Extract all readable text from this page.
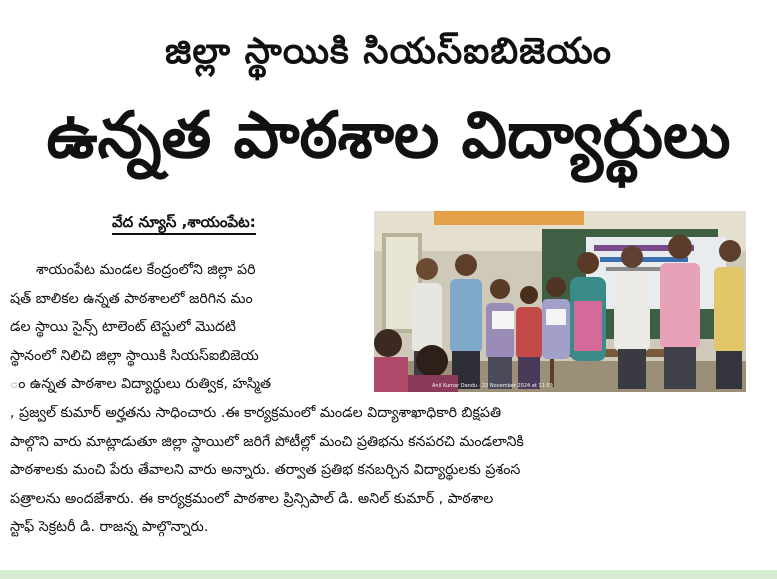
జిల్లా స్థాయికి సియస్ఐబిజెయం
ఉన్నత పాఠశాల విద్యార్థులు
వేద న్యూస్ ,శాయంపేట:
శాయంపేట మండల కేంద్రంలోని జిల్లా పరి
షత్ బాలికల ఉన్నత పాఠశాలలో జరిగిన మం
డల స్థాయి సైన్స్ టాలెంట్ టెస్టులో మొదటి
స్థానంలో నిలిచి జిల్లా స్థాయికి సియస్ఐబిజెయ
ం ఉన్నత పాఠశాల విద్యార్థులు రుత్విక, హస్మిత	Anil Kumar Dandu · 22 November 2024 at 11:59
, ప్రజ్వల్ కుమార్ అర్హతను సాధించారు .ఈ కార్యక్రమంలో మండల విద్యాశాఖాధికారి బిక్షపతి
పాల్గొని వారు మాట్లాడుతూ జిల్లా స్థాయిలో జరిగే పోటీల్లో మంచి ప్రతిభను కనపరచి మండలానికి
పాఠశాలకు మంచి పేరు తేవాలని వారు అన్నారు. తర్వాత ప్రతిభ కనబర్చిన విద్యార్థులకు ప్రశంస
పత్రాలను అందజేశారు. ఈ కార్యక్రమంలో పాఠశాల ప్రిన్సిపాల్ డి. అనిల్ కుమార్ , పాఠశాల
స్టాఫ్ సెక్రటరీ డి. రాజన్న పాల్గొన్నారు.
